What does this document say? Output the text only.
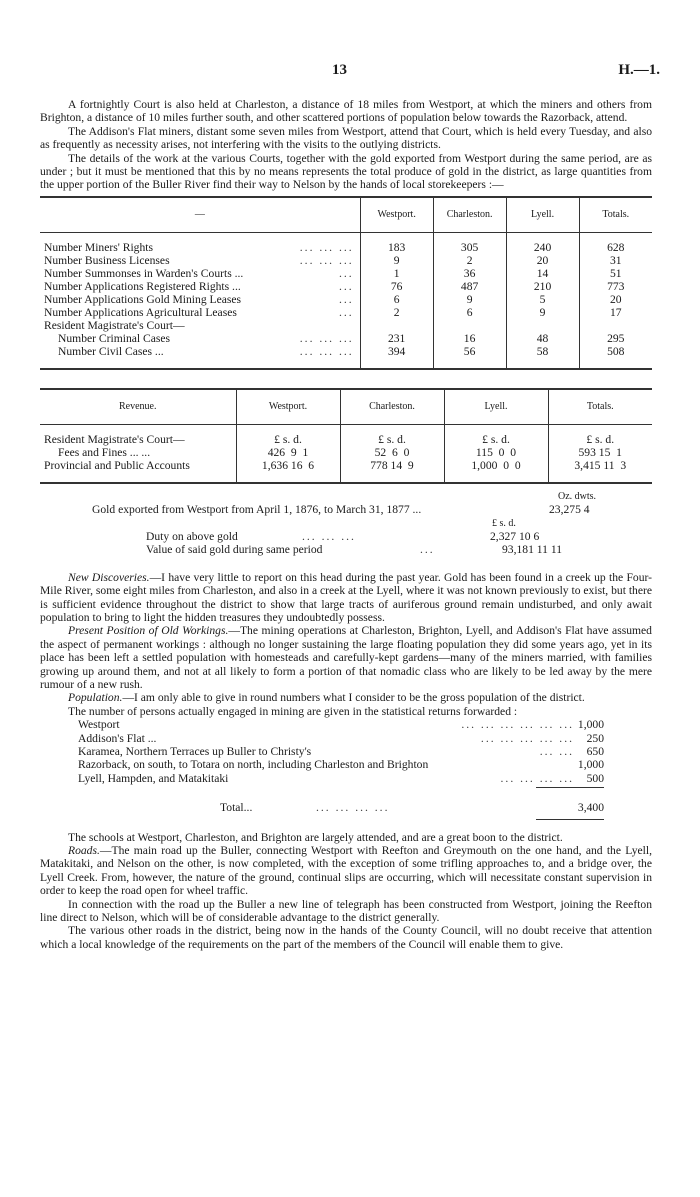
13	H.—1.

A fortnightly Court is also held at Charleston, a distance of 18 miles from Westport, at which the miners and others from Brighton, a distance of 10 miles further south, and other scattered portions of population below towards the Razorback, attend.

The Addison's Flat miners, distant some seven miles from Westport, attend that Court, which is held every Tuesday, and also as frequently as necessity arises, not interfering with the visits to the outlying districts.

The details of the work at the various Courts, together with the gold exported from Westport during the same period, are as under ; but it must be mentioned that this by no means represents the total produce of gold in the district, as large quantities from the upper portion of the Buller River find their way to Nelson by the hands of local storekeepers :—

—	Westport.	Charleston.	Lyell.	Totals.

Number Miners' Rights ... ... ...	183	305	240	628
Number Business Licenses ... ... ...	9	2	20	31
Number Summonses in Warden's Courts ... ...	1	36	14	51
Number Applications Registered Rights ... ...	76	487	210	773
Number Applications Gold Mining Leases ...	6	9	5	20
Number Applications Agricultural Leases ...	2	6	9	17
Resident Magistrate's Court—				
Number Criminal Cases ... ... ...	231	16	48	295
Number Civil Cases ... ... ... ...	394	56	58	508

Revenue.	Westport.	Charleston.	Lyell.	Totals.

Resident Magistrate's Court—	£ s. d.	£ s. d.	£ s. d.	£ s. d.
Fees and Fines ... ...	426  9  1	52  6  0	115  0  0	593 15  1
Provincial and Public Accounts	1,636 16  6	778 14  9	1,000  0  0	3,415 11  3

Oz. dwts.
Gold exported from Westport from April 1, 1876, to March 31, 1877 ...	23,275 4
£ s. d.
Duty on above gold	... ... ...	2,327 10 6
Value of said gold during same period	...	93,181 11 11

New Discoveries.—I have very little to report on this head during the past year. Gold has been found in a creek up the Four-Mile River, some eight miles from Charleston, and also in a creek at the Lyell, where it was not known previously to exist, but there is sufficient evidence throughout the district to show that large tracts of auriferous ground remain undisturbed, and only await population to bring to light the hidden treasures they undoubtedly possess.

Present Position of Old Workings.—The mining operations at Charleston, Brighton, Lyell, and Addison's Flat have assumed the aspect of permanent workings : although no longer sustaining the large floating population they did some years ago, yet in its place has been left a settled population with homesteads and carefully-kept gardens—many of the miners married, with families growing up around them, and not at all likely to form a portion of that nomadic class who are likely to be led away by the mere rumour of a new rush.

Population.—I am only able to give in round numbers what I consider to be the gross population of the district.

The number of persons actually engaged in mining are given in the statistical returns forwarded :

Westport	... ... ... ... ... ... 1,000
Addison's Flat ...	... ... ... ... ...	250
Karamea, Northern Terraces up Buller to Christy's	... ...	650
Razorback, on south, to Totara on north, including Charleston and Brighton	1,000
Lyell, Hampden, and Matakitaki	... ... ... ...	500
Total...	... ... ... ...	3,400

The schools at Westport, Charleston, and Brighton are largely attended, and are a great boon to the district.

Roads.—The main road up the Buller, connecting Westport with Reefton and Greymouth on the one hand, and the Lyell, Matakitaki, and Nelson on the other, is now completed, with the exception of some trifling approaches to, and a bridge over, the Lyell Creek. From, however, the nature of the ground, continual slips are occurring, which will necessitate constant supervision in order to keep the road open for wheel traffic.

In connection with the road up the Buller a new line of telegraph has been constructed from Westport, joining the Reefton line direct to Nelson, which will be of considerable advantage to the district generally.

The various other roads in the district, being now in the hands of the County Council, will no doubt receive that attention which a local knowledge of the requirements on the part of the members of the Council will enable them to give.
